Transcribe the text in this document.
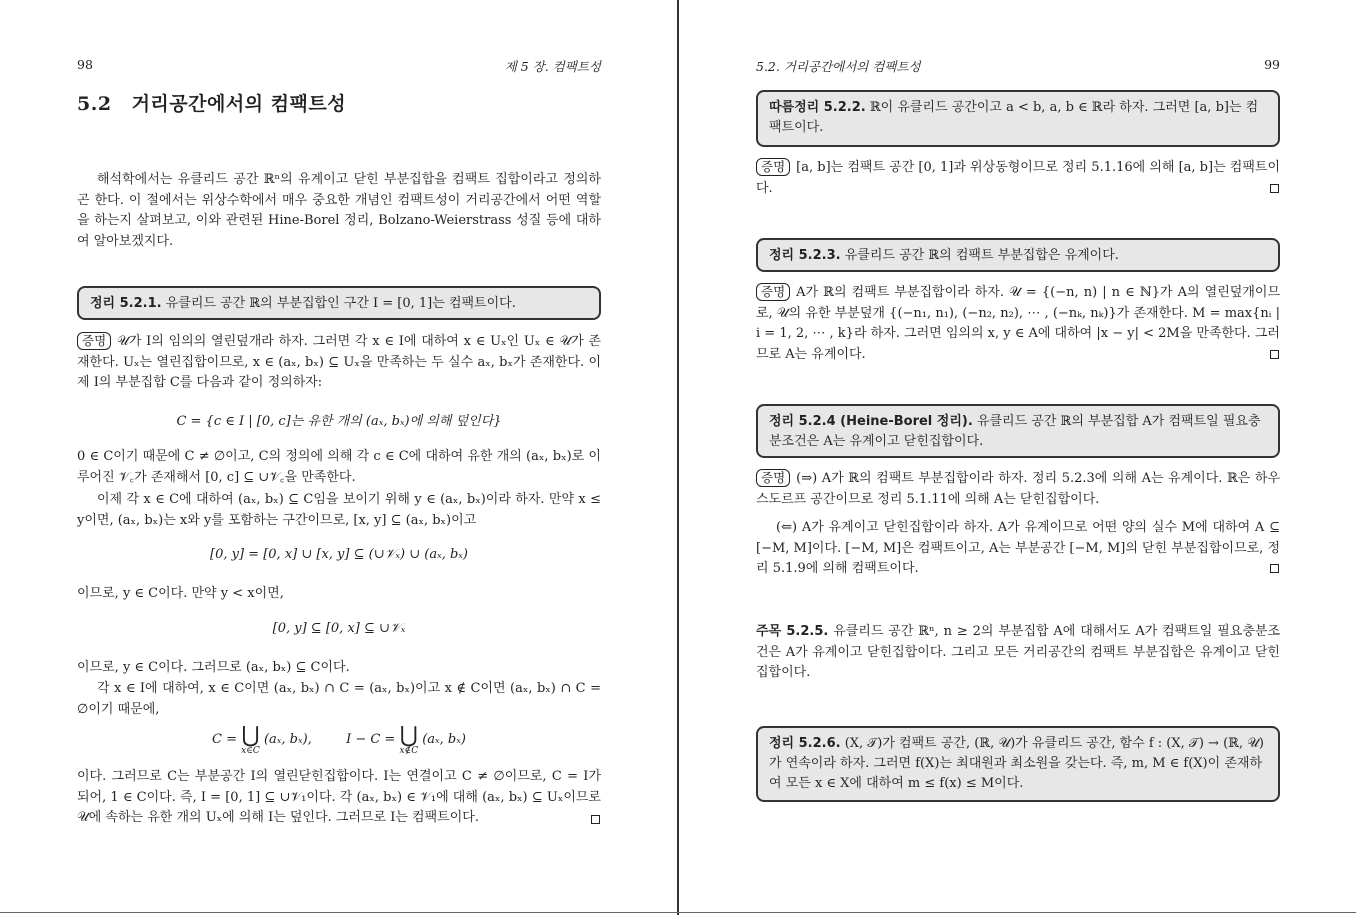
98	제 5 장. 컴팩트성
5.2 거리공간에서의 컴팩트성
해석학에서는 유클리드 공간 ℝⁿ의 유계이고 닫힌 부분집합을 컴팩트 집합이라고 정의하곤 한다. 이 절에서는 위상수학에서 매우 중요한 개념인 컴팩트성이 거리공간에서 어떤 역할을 하는지 살펴보고, 이와 관련된 Hine-Borel 정리, Bolzano-Weierstrass 성질 등에 대하여 알아보겠지다.
정리 5.2.1. 유클리드 공간 ℝ의 부분집합인 구간 I = [0, 1]는 컴팩트이다.
증명 𝒰가 I의 임의의 열린덮개라 하자. 그러면 각 x ∈ I에 대하여 x ∈ Uₓ인 Uₓ ∈ 𝒰가 존재한다. Uₓ는 열린집합이므로, x ∈ (aₓ, bₓ) ⊆ Uₓ을 만족하는 두 실수 aₓ, bₓ가 존재한다. 이제 I의 부분집합 C를 다음과 같이 정의하자:
C = {c ∈ I | [0, c]는 유한 개의 (aₓ, bₓ)에 의해 덮인다}
0 ∈ C이기 때문에 C ≠ ∅이고, C의 정의에 의해 각 c ∈ C에 대하여 유한 개의 (aₓ, bₓ)로 이루어진 𝒱꜀가 존재해서 [0, c] ⊆ ∪𝒱꜀을 만족한다.
이제 각 x ∈ C에 대하여 (aₓ, bₓ) ⊆ C임을 보이기 위해 y ∈ (aₓ, bₓ)이라 하자. 만약 x ≤ y이면, (aₓ, bₓ)는 x와 y를 포함하는 구간이므로, [x, y] ⊆ (aₓ, bₓ)이고
[0, y] = [0, x] ∪ [x, y] ⊆ (∪𝒱ₓ) ∪ (aₓ, bₓ)
이므로, y ∈ C이다. 만약 y < x이면,
[0, y] ⊆ [0, x] ⊆ ∪𝒱ₓ
이므로, y ∈ C이다. 그러므로 (aₓ, bₓ) ⊆ C이다.
각 x ∈ I에 대하여, x ∈ C이면 (aₓ, bₓ) ∩ C = (aₓ, bₓ)이고 x ∉ C이면 (aₓ, bₓ) ∩ C = ∅이기 때문에,
C = ⋃
x∈C
(aₓ, bₓ),	I − C = ⋃
x∉C
(aₓ, bₓ)
이다. 그러므로 C는 부분공간 I의 열린닫힌집합이다. I는 연결이고 C ≠ ∅이므로, C = I가 되어, 1 ∈ C이다. 즉, I = [0, 1] ⊆ ∪𝒱₁이다. 각 (aₓ, bₓ) ∈ 𝒱₁에 대해 (aₓ, bₓ) ⊆ Uₓ이므로 𝒰에 속하는 유한 개의 Uₓ에 의해 I는 덮인다. 그러므로 I는 컴팩트이다.
5.2. 거리공간에서의 컴팩트성	99
따름정리 5.2.2. ℝ이 유클리드 공간이고 a < b, a, b ∈ ℝ라 하자. 그러면 [a, b]는 컴팩트이다.
증명 [a, b]는 컴팩트 공간 [0, 1]과 위상동형이므로 정리 5.1.16에 의해 [a, b]는 컴팩트이다.
정리 5.2.3. 유클리드 공간 ℝ의 컴팩트 부분집합은 유계이다.
증명 A가 ℝ의 컴팩트 부분집합이라 하자. 𝒰 = {(−n, n) | n ∈ ℕ}가 A의 열린덮개이므로, 𝒰의 유한 부분덮개 {(−n₁, n₁), (−n₂, n₂), ⋯ , (−nₖ, nₖ)}가 존재한다. M = max{nᵢ | i = 1, 2, ⋯ , k}라 하자. 그러면 임의의 x, y ∈ A에 대하여 |x − y| < 2M을 만족한다. 그러므로 A는 유계이다.
정리 5.2.4 (Heine-Borel 정리). 유클리드 공간 ℝ의 부분집합 A가 컴팩트일 필요충분조건은 A는 유계이고 닫힌집합이다.
증명 (⇒) A가 ℝ의 컴팩트 부분집합이라 하자. 정리 5.2.3에 의해 A는 유계이다. ℝ은 하우스도르프 공간이므로 정리 5.1.11에 의해 A는 닫힌집합이다.
(⇐) A가 유계이고 닫힌집합이라 하자. A가 유계이므로 어떤 양의 실수 M에 대하여 A ⊆ [−M, M]이다. [−M, M]은 컴팩트이고, A는 부분공간 [−M, M]의 닫힌 부분집합이므로, 정리 5.1.9에 의해 컴팩트이다.
주목 5.2.5. 유클리드 공간 ℝⁿ, n ≥ 2의 부분집합 A에 대해서도 A가 컴팩트일 필요충분조건은 A가 유계이고 닫힌집합이다. 그리고 모든 거리공간의 컴팩트 부분집합은 유계이고 닫힌집합이다.
정리 5.2.6. (X, 𝒯)가 컴팩트 공간, (ℝ, 𝒰)가 유클리드 공간, 함수 f : (X, 𝒯) → (ℝ, 𝒰)가 연속이라 하자. 그러면 f(X)는 최대원과 최소원을 갖는다. 즉, m, M ∈ f(X)이 존재하여 모든 x ∈ X에 대하여 m ≤ f(x) ≤ M이다.
